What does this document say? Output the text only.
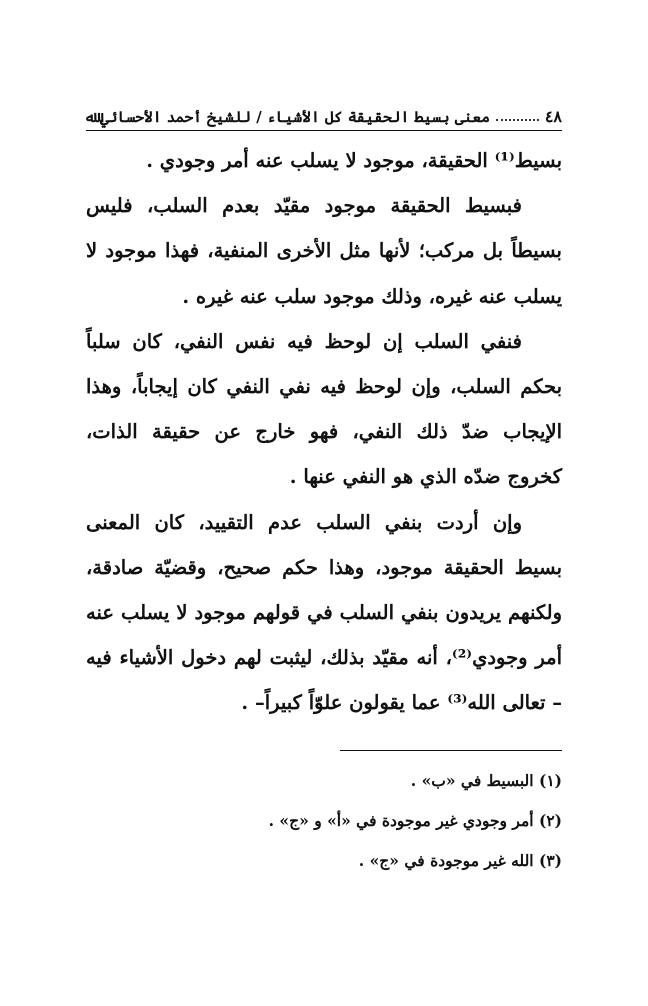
٤٨
معنى بسيط الحقيقة كل الأشياء / للشيخ أحمد الأحسائي ﷲ

بسيط⁽¹⁾ الحقيقة، موجود لا يسلب عنه أمر وجودي .

فبسيط الحقيقة موجود مقيّد بعدم السلب، فليس بسيطاً بل مركب؛ لأنها مثل الأخرى المنفية، فهذا موجود لا يسلب عنه غيره، وذلك موجود سلب عنه غيره .

فنفي السلب إن لوحظ فيه نفس النفي، كان سلباً بحكم السلب، وإن لوحظ فيه نفي النفي كان إيجاباً، وهذا الإيجاب ضدّ ذلك النفي، فهو خارج عن حقيقة الذات، كخروج ضدّه الذي هو النفي عنها .

وإن أردت بنفي السلب عدم التقييد، كان المعنى بسيط الحقيقة موجود، وهذا حكم صحيح، وقضيّة صادقة، ولكنهم يريدون بنفي السلب في قولهم موجود لا يسلب عنه أمر وجودي⁽²⁾، أنه مقيّد بذلك، ليثبت لهم دخول الأشياء فيه – تعالى الله⁽³⁾ عما يقولون علوّاً كبيراً– .

(١) البسيط في «ب» .
(٢) أمر وجودي غير موجودة في «أ» و «ج» .
(٣) الله غير موجودة في «ج» .
